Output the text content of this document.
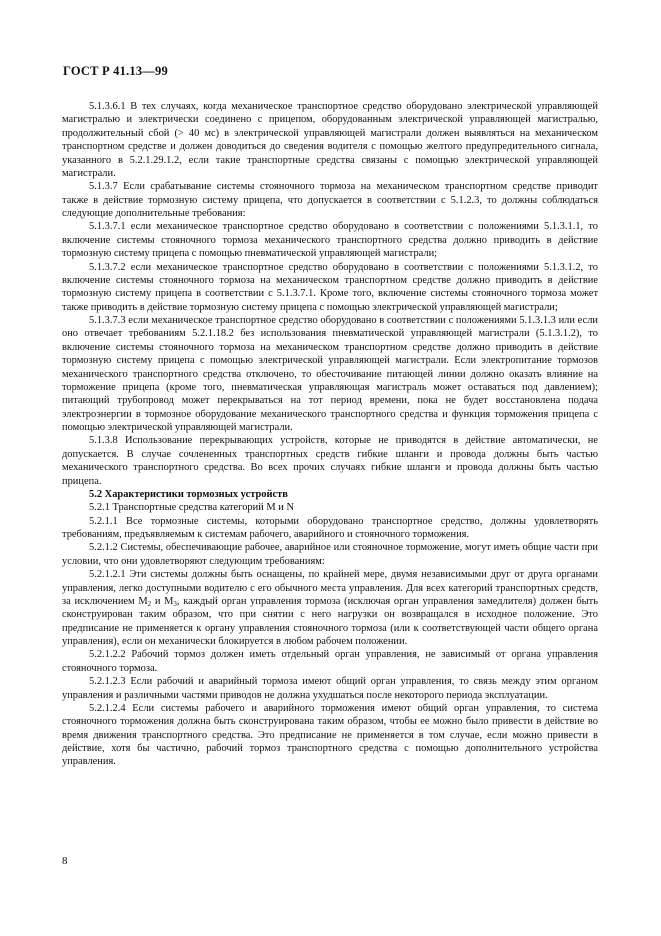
ГОСТ Р 41.13—99

5.1.3.6.1 В тех случаях, когда механическое транспортное средство оборудовано электрической управляющей магистралью и электрически соединено с прицепом, оборудованным электрической управляющей магистралью, продолжительный сбой (> 40 мс) в электрической управляющей магистрали должен выявляться на механическом транспортном средстве и должен доводиться до сведения водителя с помощью желтого предупредительного сигнала, указанного в 5.2.1.29.1.2, если такие транспортные средства связаны с помощью электрической управляющей магистрали.

5.1.3.7 Если срабатывание системы стояночного тормоза на механическом транспортном средстве приводит также в действие тормозную систему прицепа, что допускается в соответствии с 5.1.2.3, то должны соблюдаться следующие дополнительные требования:

5.1.3.7.1 если механическое транспортное средство оборудовано в соответствии с положениями 5.1.3.1.1, то включение системы стояночного тормоза механического транспортного средства должно приводить в действие тормозную систему прицепа с помощью пневматической управляющей магистрали;

5.1.3.7.2 если механическое транспортное средство оборудовано в соответствии с положениями 5.1.3.1.2, то включение системы стояночного тормоза на механическом транспортном средстве должно приводить в действие тормозную систему прицепа в соответствии с 5.1.3.7.1. Кроме того, включение системы стояночного тормоза может также приводить в действие тормозную систему прицепа с помощью электрической управляющей магистрали;

5.1.3.7.3 если механическое транспортное средство оборудовано в соответствии с положениями 5.1.3.1.3 или если оно отвечает требованиям 5.2.1.18.2 без использования пневматической управляющей магистрали (5.1.3.1.2), то включение системы стояночного тормоза на механическом транспортном средстве должно приводить в действие тормозную систему прицепа с помощью электрической управляющей магистрали. Если электропитание тормозов механического транспортного средства отключено, то обесточивание питающей линии должно оказать влияние на торможение прицепа (кроме того, пневматическая управляющая магистраль может оставаться под давлением); питающий трубопровод может перекрываться на тот период времени, пока не будет восстановлена подача электроэнергии в тормозное оборудование механического транспортного средства и функция торможения прицепа с помощью электрической управляющей магистрали.

5.1.3.8 Использование перекрывающих устройств, которые не приводятся в действие автоматически, не допускается. В случае сочлененных транспортных средств гибкие шланги и провода должны быть частью механического транспортного средства. Во всех прочих случаях гибкие шланги и провода должны быть частью прицепа.

5.2 Характеристики тормозных устройств

5.2.1 Транспортные средства категорий М и N

5.2.1.1 Все тормозные системы, которыми оборудовано транспортное средство, должны удовлетворять требованиям, предъявляемым к системам рабочего, аварийного и стояночного торможения.

5.2.1.2 Системы, обеспечивающие рабочее, аварийное или стояночное торможение, могут иметь общие части при условии, что они удовлетворяют следующим требованиям:

5.2.1.2.1 Эти системы должны быть оснащены, по крайней мере, двумя независимыми друг от друга органами управления, легко доступными водителю с его обычного места управления. Для всех категорий транспортных средств, за исключением $М_2$ и $М_3$, каждый орган управления тормоза (исключая орган управления замедлителя) должен быть сконструирован таким образом, что при снятии с него нагрузки он возвращался в исходное положение. Это предписание не применяется к органу управления стояночного тормоза (или к соответствующей части общего органа управления), если он механически блокируется в любом рабочем положении.

5.2.1.2.2 Рабочий тормоз должен иметь отдельный орган управления, не зависимый от органа управления стояночного тормоза.

5.2.1.2.3 Если рабочий и аварийный тормоза имеют общий орган управления, то связь между этим органом управления и различными частями приводов не должна ухудшаться после некоторого периода эксплуатации.

5.2.1.2.4 Если системы рабочего и аварийного торможения имеют общий орган управления, то система стояночного торможения должна быть сконструирована таким образом, чтобы ее можно было привести в действие во время движения транспортного средства. Это предписание не применяется в том случае, если можно привести в действие, хотя бы частично, рабочий тормоз транспортного средства с помощью дополнительного устройства управления.

8
